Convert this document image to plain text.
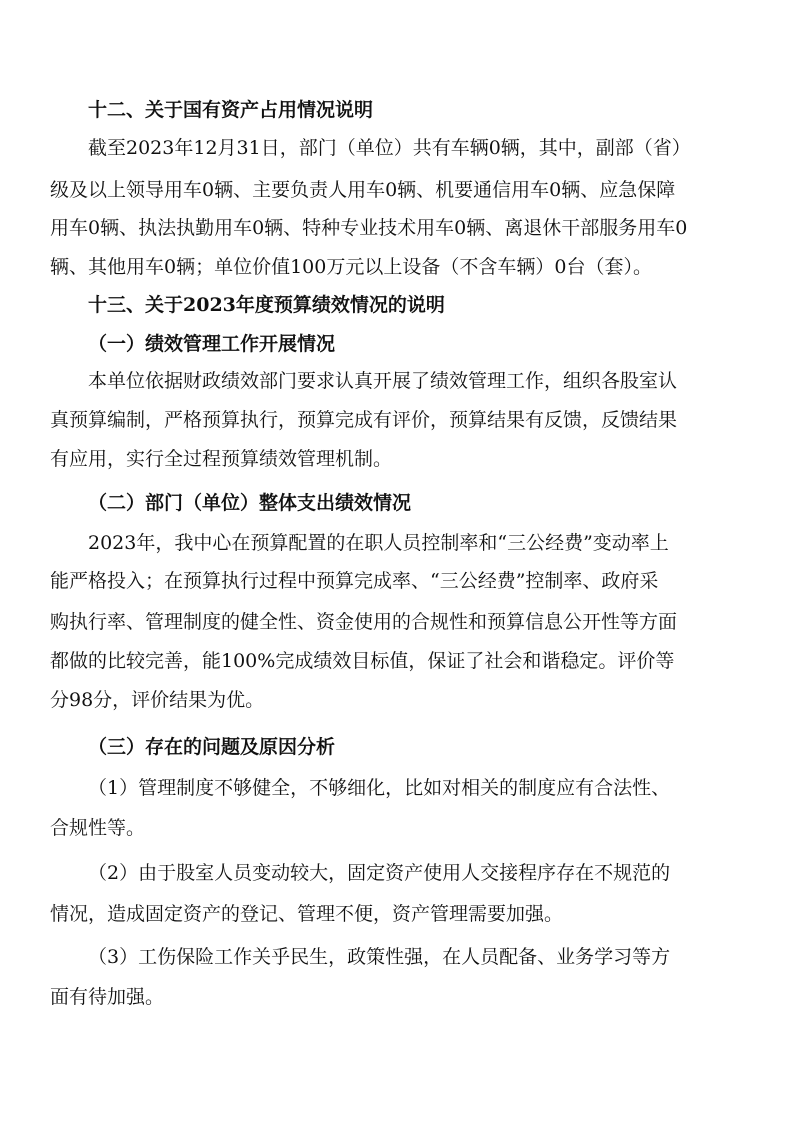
十二、关于国有资产占用情况说明
截至2023年12月31日，部门（单位）共有车辆0辆，其中，副部（省）
级及以上领导用车0辆、主要负责人用车0辆、机要通信用车0辆、应急保障
用车0辆、执法执勤用车0辆、特种专业技术用车0辆、离退休干部服务用车0
辆、其他用车0辆；单位价值100万元以上设备（不含车辆）0台（套）。
十三、关于2023年度预算绩效情况的说明
（一）绩效管理工作开展情况
本单位依据财政绩效部门要求认真开展了绩效管理工作，组织各股室认
真预算编制，严格预算执行，预算完成有评价，预算结果有反馈，反馈结果
有应用，实行全过程预算绩效管理机制。
（二）部门（单位）整体支出绩效情况
2023年，我中心在预算配置的在职人员控制率和“三公经费”变动率上
能严格投入；在预算执行过程中预算完成率、“三公经费”控制率、政府采
购执行率、管理制度的健全性、资金使用的合规性和预算信息公开性等方面
都做的比较完善，能100%完成绩效目标值，保证了社会和谐稳定。评价等
分98分，评价结果为优。
（三）存在的问题及原因分析
（1）管理制度不够健全，不够细化，比如对相关的制度应有合法性、
合规性等。
（2）由于股室人员变动较大，固定资产使用人交接程序存在不规范的
情况，造成固定资产的登记、管理不便，资产管理需要加强。
（3）工伤保险工作关乎民生，政策性强，在人员配备、业务学习等方
面有待加强。
